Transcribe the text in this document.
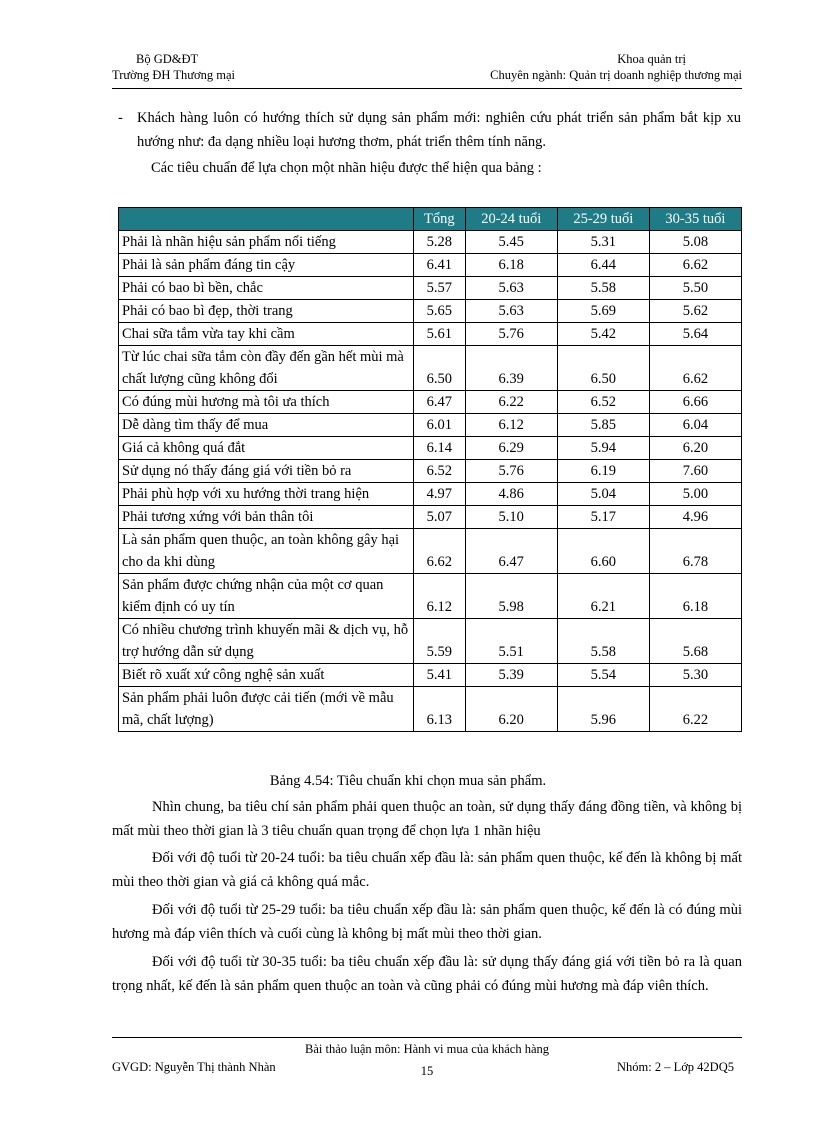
Bộ GD&ĐT
Trường ĐH Thương mại
Khoa quản trị
Chuyên ngành: Quản trị doanh nghiệp thương mại
- Khách hàng luôn có hướng thích sử dụng sản phẩm mới: nghiên cứu phát triển sản phẩm bắt kịp xu hướng như: đa dạng nhiều loại hương thơm, phát triển thêm tính năng.
Các tiêu chuẩn để lựa chọn một nhãn hiệu được thể hiện qua bảng :
	Tổng	20-24 tuổi	25-29 tuổi	30-35 tuổi
Phải là nhãn hiệu sản phẩm nổi tiếng	5.28	5.45	5.31	5.08
Phải là sản phẩm đáng tin cậy	6.41	6.18	6.44	6.62
Phải có bao bì bền, chắc	5.57	5.63	5.58	5.50
Phải có bao bì đẹp, thời trang	5.65	5.63	5.69	5.62
Chai sữa tắm vừa tay khi cầm	5.61	5.76	5.42	5.64
Từ lúc chai sữa tắm còn đầy đến gần hết mùi mà chất lượng cũng không đổi	6.50	6.39	6.50	6.62
Có đúng mùi hương mà tôi ưa thích	6.47	6.22	6.52	6.66
Dễ dàng tìm thấy để mua	6.01	6.12	5.85	6.04
Giá cả không quá đắt	6.14	6.29	5.94	6.20
Sử dụng nó thấy đáng giá với tiền bỏ ra	6.52	5.76	6.19	7.60
Phải phù hợp với xu hướng thời trang hiện	4.97	4.86	5.04	5.00
Phải tương xứng với bản thân tôi	5.07	5.10	5.17	4.96
Là sản phẩm quen thuộc, an toàn không gây hại cho da khi dùng	6.62	6.47	6.60	6.78
Sản phẩm được chứng nhận của một cơ quan kiểm định có uy tín	6.12	5.98	6.21	6.18
Có nhiều chương trình khuyến mãi & dịch vụ, hỗ trợ hướng dẫn sử dụng	5.59	5.51	5.58	5.68
Biết rõ xuất xứ công nghệ sản xuất	5.41	5.39	5.54	5.30
Sản phẩm phải luôn được cải tiến (mới về mẫu mã, chất lượng)	6.13	6.20	5.96	6.22
Bảng 4.54: Tiêu chuẩn khi chọn mua sản phẩm.
Nhìn chung, ba tiêu chí sản phẩm phải quen thuộc an toàn, sử dụng thấy đáng đồng tiền, và không bị mất mùi theo thời gian là 3 tiêu chuẩn quan trọng để chọn lựa 1 nhãn hiệu
Đối với độ tuổi từ 20-24 tuổi: ba tiêu chuẩn xếp đầu là: sản phẩm quen thuộc, kế đến là không bị mất mùi theo thời gian và giá cả không quá mắc.
Đối với độ tuổi từ 25-29 tuổi: ba tiêu chuẩn xếp đầu là: sản phẩm quen thuộc, kế đến là có đúng mùi hương mà đáp viên thích và cuối cùng là không bị mất mùi theo thời gian.
Đối với độ tuổi từ 30-35 tuổi: ba tiêu chuẩn xếp đầu là: sử dụng thấy đáng giá với tiền bỏ ra là quan trọng nhất, kế đến là sản phẩm quen thuộc an toàn và cũng phải có đúng mùi hương mà đáp viên thích.
Bài thảo luận môn: Hành vi mua của khách hàng
GVGD: Nguyễn Thị thành Nhàn	15	Nhóm: 2 – Lớp 42DQ5
